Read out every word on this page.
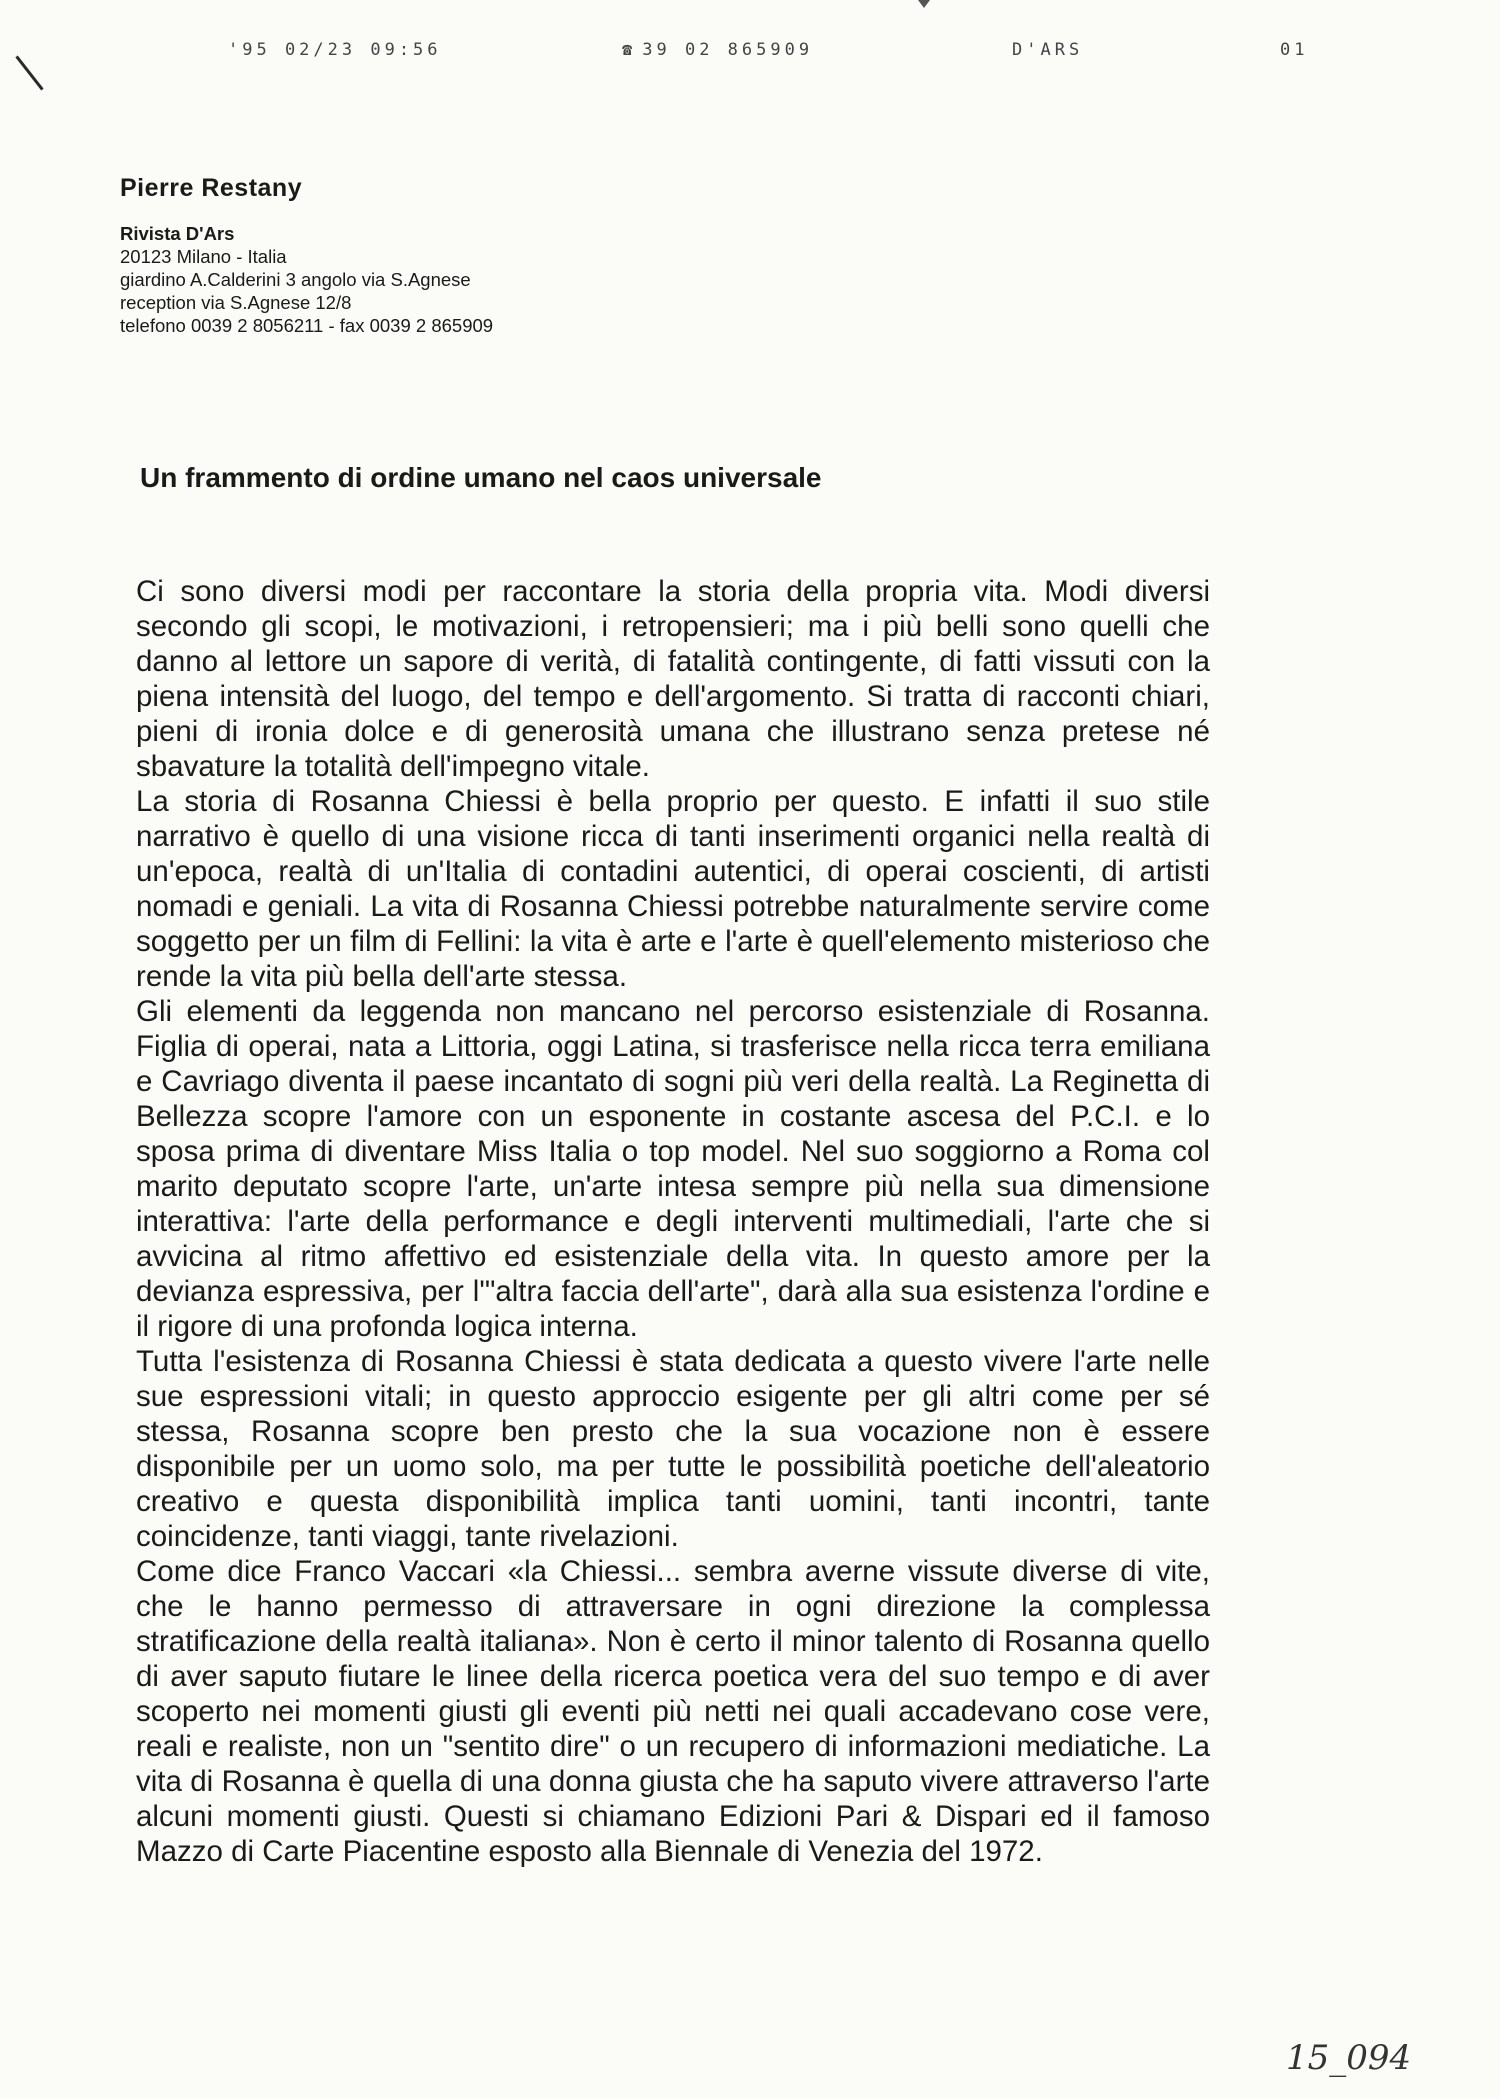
'95 02/23 09:56	☎ 39 02 865909	D'ARS	01
Pierre Restany
Rivista D'Ars
20123 Milano - Italia
giardino A.Calderini 3 angolo via S.Agnese
reception via S.Agnese 12/8
telefono 0039 2 8056211 - fax 0039 2 865909
Un frammento di ordine umano nel caos universale

Ci sono diversi modi per raccontare la storia della propria vita. Modi diversi secondo gli scopi, le motivazioni, i retropensieri; ma i più belli sono quelli che danno al lettore un sapore di verità, di fatalità contingente, di fatti vissuti con la piena intensità del luogo, del tempo e dell'argomento. Si tratta di racconti chiari, pieni di ironia dolce e di generosità umana che illustrano senza pretese né sbavature la totalità dell'impegno vitale.

La storia di Rosanna Chiessi è bella proprio per questo. E infatti il suo stile narrativo è quello di una visione ricca di tanti inserimenti organici nella realtà di un'epoca, realtà di un'Italia di contadini autentici, di operai coscienti, di artisti nomadi e geniali. La vita di Rosanna Chiessi potrebbe naturalmente servire come soggetto per un film di Fellini: la vita è arte e l'arte è quell'elemento misterioso che rende la vita più bella dell'arte stessa.

Gli elementi da leggenda non mancano nel percorso esistenziale di Rosanna. Figlia di operai, nata a Littoria, oggi Latina, si trasferisce nella ricca terra emiliana e Cavriago diventa il paese incantato di sogni più veri della realtà. La Reginetta di Bellezza scopre l'amore con un esponente in costante ascesa del P.C.I. e lo sposa prima di diventare Miss Italia o top model. Nel suo soggiorno a Roma col marito deputato scopre l'arte, un'arte intesa sempre più nella sua dimensione interattiva: l'arte della performance e degli interventi multimediali, l'arte che si avvicina al ritmo affettivo ed esistenziale della vita. In questo amore per la devianza espressiva, per l'"altra faccia dell'arte", darà alla sua esistenza l'ordine e il rigore di una profonda logica interna.

Tutta l'esistenza di Rosanna Chiessi è stata dedicata a questo vivere l'arte nelle sue espressioni vitali; in questo approccio esigente per gli altri come per sé stessa, Rosanna scopre ben presto che la sua vocazione non è essere disponibile per un uomo solo, ma per tutte le possibilità poetiche dell'aleatorio creativo e questa disponibilità implica tanti uomini, tanti incontri, tante coincidenze, tanti viaggi, tante rivelazioni.

Come dice Franco Vaccari «la Chiessi... sembra averne vissute diverse di vite, che le hanno permesso di attraversare in ogni direzione la complessa stratificazione della realtà italiana». Non è certo il minor talento di Rosanna quello di aver saputo fiutare le linee della ricerca poetica vera del suo tempo e di aver scoperto nei momenti giusti gli eventi più netti nei quali accadevano cose vere, reali e realiste, non un "sentito dire" o un recupero di informazioni mediatiche. La vita di Rosanna è quella di una donna giusta che ha saputo vivere attraverso l'arte alcuni momenti giusti. Questi si chiamano Edizioni Pari & Dispari ed il famoso Mazzo di Carte Piacentine esposto alla Biennale di Venezia del 1972.

15_094
